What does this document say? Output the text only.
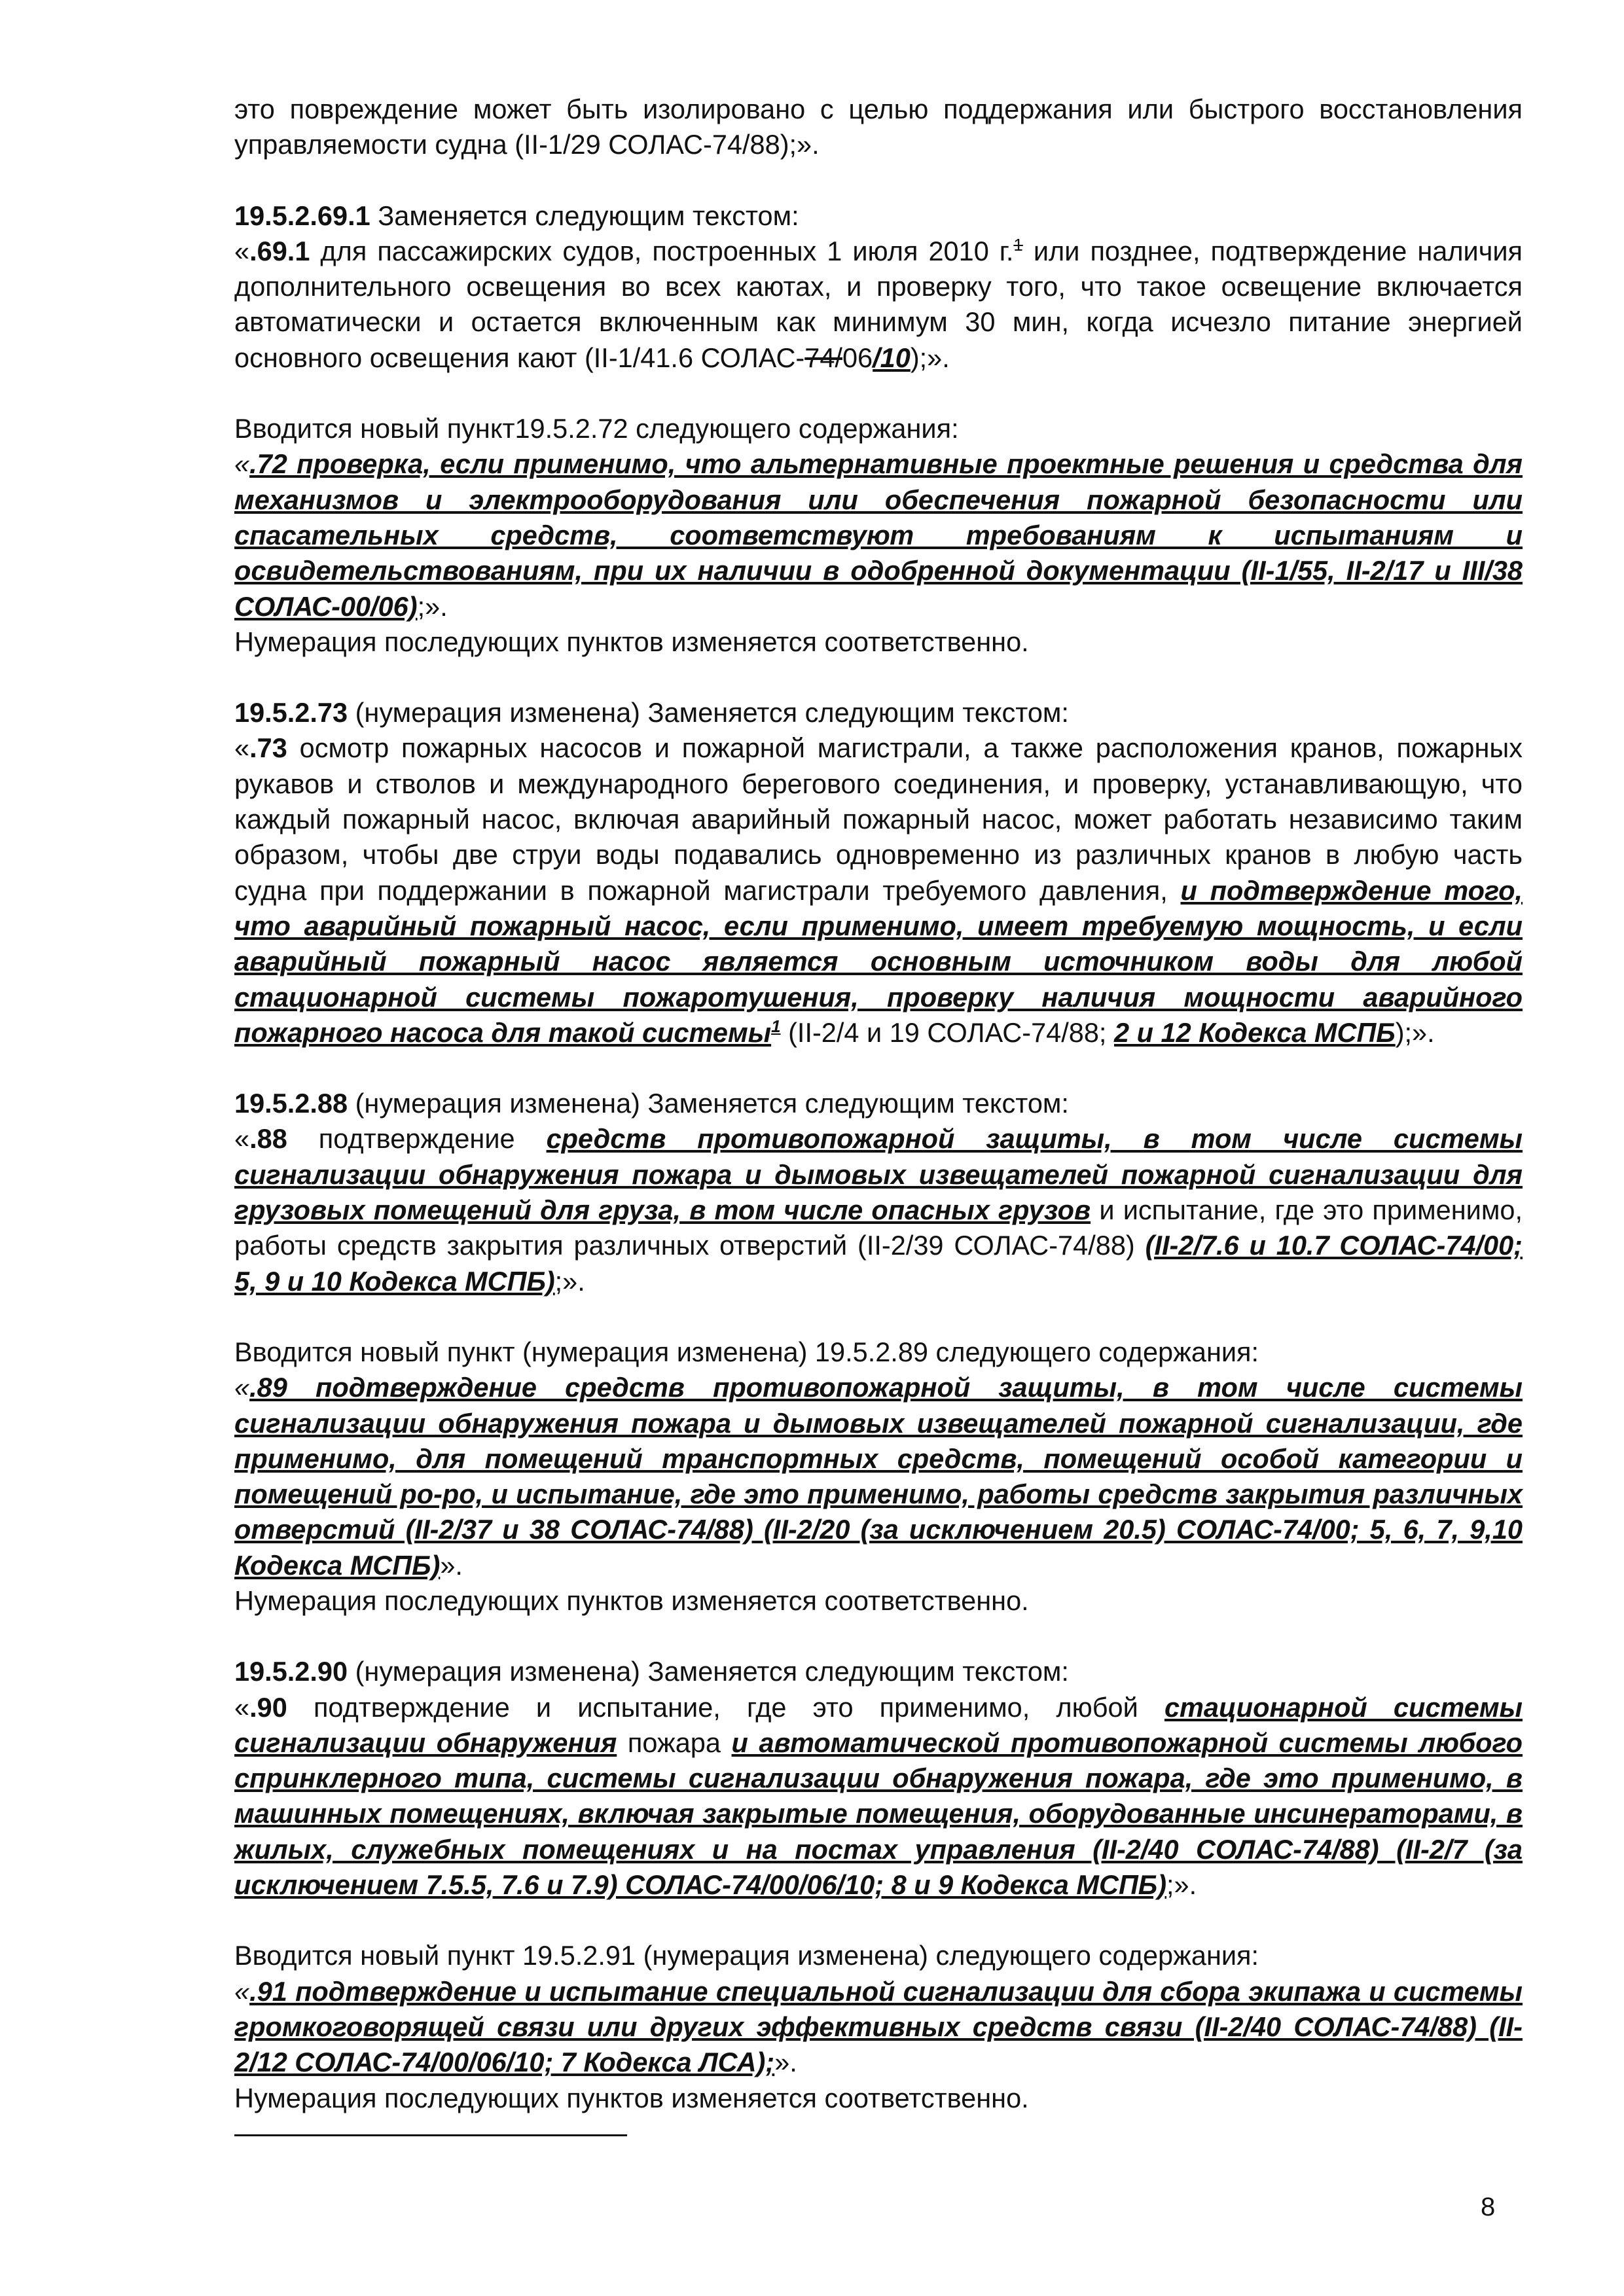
это повреждение может быть изолировано с целью поддержания или быстрого восстановления управляемости судна (II-1/29 СОЛАС-74/88);».

19.5.2.69.1 Заменяется следующим текстом:

«.69.1 для пассажирских судов, построенных 1 июля 2010 г.$^1$ или позднее, подтверждение наличия дополнительного освещения во всех каютах, и проверку того, что такое освещение включается автоматически и остается включенным как минимум 30 мин, когда исчезло питание энергией основного освещения кают (II-1/41.6 СОЛАС-74/06/10);».

Вводится новый пункт19.5.2.72 следующего содержания:

«.72 проверка, если применимо, что альтернативные проектные решения и средства для механизмов и электрооборудования или обеспечения пожарной безопасности или спасательных средств, соответствуют требованиям к испытаниям и освидетельствованиям, при их наличии в одобренной документации (II-1/55, II-2/17 и III/38 СОЛАС-00/06);».

Нумерация последующих пунктов изменяется соответственно.

19.5.2.73 (нумерация изменена) Заменяется следующим текстом:

«.73 осмотр пожарных насосов и пожарной магистрали, а также расположения кранов, пожарных рукавов и стволов и международного берегового соединения, и проверку, устанавливающую, что каждый пожарный насос, включая аварийный пожарный насос, может работать независимо таким образом, чтобы две струи воды подавались одновременно из различных кранов в любую часть судна при поддержании в пожарной магистрали требуемого давления, и подтверждение того, что аварийный пожарный насос, если применимо, имеет требуемую мощность, и если аварийный пожарный насос является основным источником воды для любой стационарной системы пожаротушения, проверку наличия мощности аварийного пожарного насоса для такой системы$^1$ (II-2/4 и 19 СОЛАС-74/88; 2 и 12 Кодекса МСПБ);».

19.5.2.88 (нумерация изменена) Заменяется следующим текстом:

«.88 подтверждение средств противопожарной защиты, в том числе системы сигнализации обнаружения пожара и дымовых извещателей пожарной сигнализации для грузовых помещений для груза, в том числе опасных грузов и испытание, где это применимо, работы средств закрытия различных отверстий (II-2/39 СОЛАС-74/88) (II-2/7.6 и 10.7 СОЛАС-74/00; 5, 9 и 10 Кодекса МСПБ);».

Вводится новый пункт (нумерация изменена) 19.5.2.89 следующего содержания:

«.89 подтверждение средств противопожарной защиты, в том числе системы сигнализации обнаружения пожара и дымовых извещателей пожарной сигнализации, где применимо, для помещений транспортных средств, помещений особой категории и помещений ро-ро, и испытание, где это применимо, работы средств закрытия различных отверстий (II-2/37 и 38 СОЛАС-74/88) (II-2/20 (за исключением 20.5) СОЛАС-74/00; 5, 6, 7, 9,10 Кодекса МСПБ)».

Нумерация последующих пунктов изменяется соответственно.

19.5.2.90 (нумерация изменена) Заменяется следующим текстом:

«.90 подтверждение и испытание, где это применимо, любой стационарной системы сигнализации обнаружения пожара и автоматической противопожарной системы любого спринклерного типа, системы сигнализации обнаружения пожара, где это применимо, в машинных помещениях, включая закрытые помещения, оборудованные инсинераторами, в жилых, служебных помещениях и на постах управления (II-2/40 СОЛАС-74/88) (II-2/7 (за исключением 7.5.5, 7.6 и 7.9) СОЛАС-74/00/06/10; 8 и 9 Кодекса МСПБ);».

Вводится новый пункт 19.5.2.91 (нумерация изменена) следующего содержания:

«.91 подтверждение и испытание специальной сигнализации для сбора экипажа и системы громкоговорящей связи или других эффективных средств связи (II-2/40 СОЛАС-74/88) (II-2/12 СОЛАС-74/00/06/10; 7 Кодекса ЛСА);».

Нумерация последующих пунктов изменяется соответственно.

8
